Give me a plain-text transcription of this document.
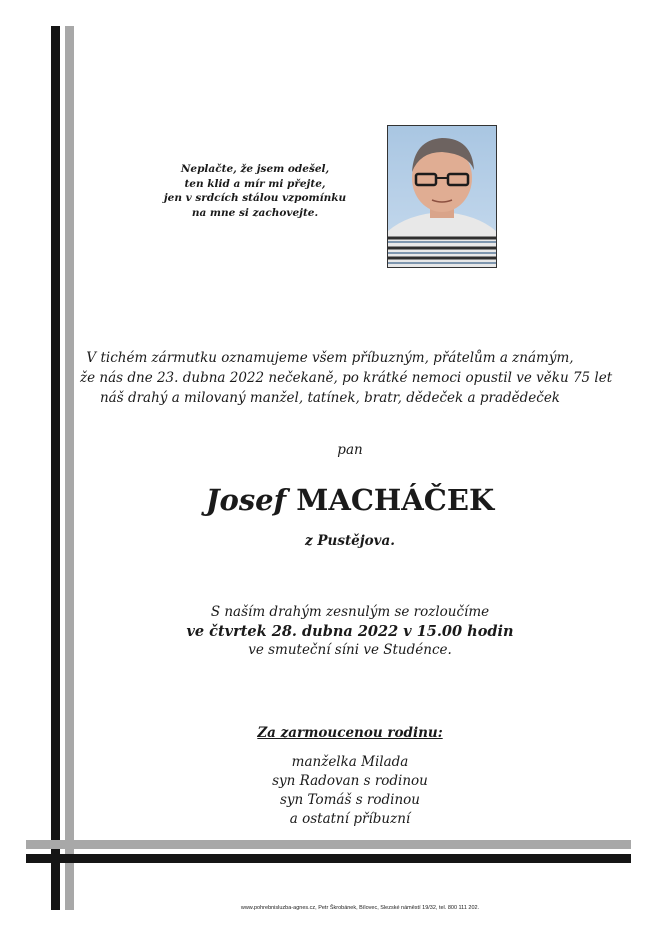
Neplačte, že jsem odešel,
ten klid a mír mi přejte,
jen v srdcích stálou vzpomínku
na mne si zachovejte.
V tichém zármutku oznamujeme všem příbuzným, přátelům a známým,
že nás dne 23. dubna 2022 nečekaně, po krátké nemoci opustil ve věku 75 let
náš drahý a milovaný manžel, tatínek, bratr, dědeček a pradědeček
pan
Josef MACHÁČEK
z Pustějova.
S naším drahým zesnulým se rozloučíme
ve čtvrtek 28. dubna 2022 v 15.00 hodin
ve smuteční síni ve Studénce.
Za zarmoucenou rodinu:
manželka Milada
syn Radovan s rodinou
syn Tomáš s rodinou
a ostatní příbuzní
www.pohrebnisluzba-agnes.cz, Petr Škrobánek, Bílovec, Slezské náměstí 19/32, tel. 800 111 202.
